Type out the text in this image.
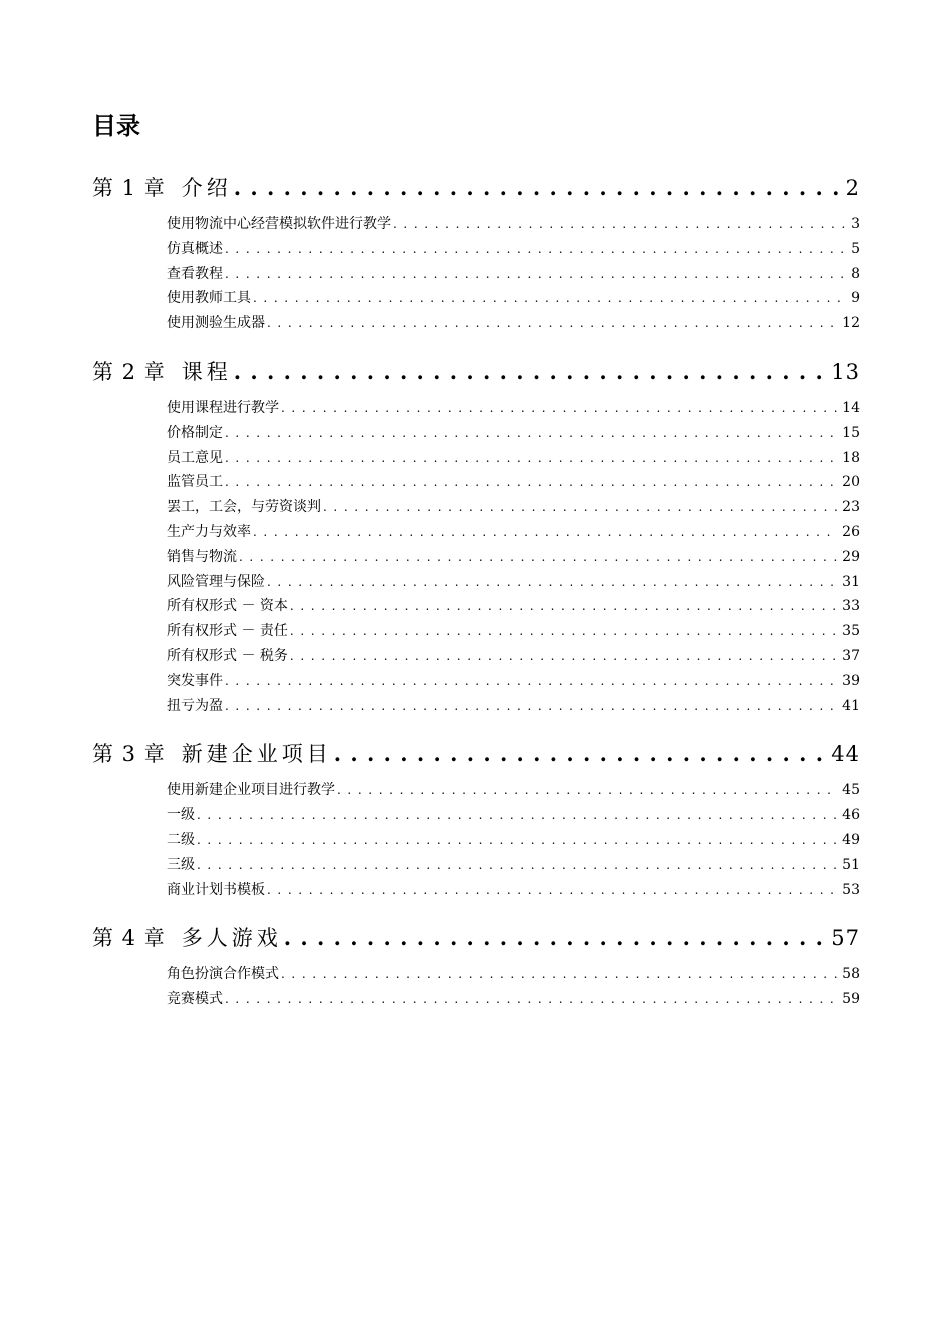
目录
第 1 章 介绍 . . .	2
使用物流中心经营模拟软件进行教学 . . .	3
仿真概述 . . .	5
查看教程 . . .	8
使用教师工具 . . .	9
使用测验生成器 . . .	12
第 2 章 课程 . . .	13
使用课程进行教学 . . .	14
价格制定 . . .	15
员工意见 . . .	18
监管员工 . . .	20
罢工，工会，与劳资谈判 . . .	23
生产力与效率 . . .	26
销售与物流 . . .	29
风险管理与保险 . . .	31
所有权形式 － 资本 . . .	33
所有权形式 － 责任 . . .	35
所有权形式 － 税务 . . .	37
突发事件 . . .	39
扭亏为盈 . . .	41
第 3 章 新建企业项目 . . .	44
使用新建企业项目进行教学 . . .	45
一级 . . .	46
二级 . . .	49
三级 . . .	51
商业计划书模板 . . .	53
第 4 章 多人游戏 . . .	57
角色扮演合作模式 . . .	58
竞赛模式 . . .	59
